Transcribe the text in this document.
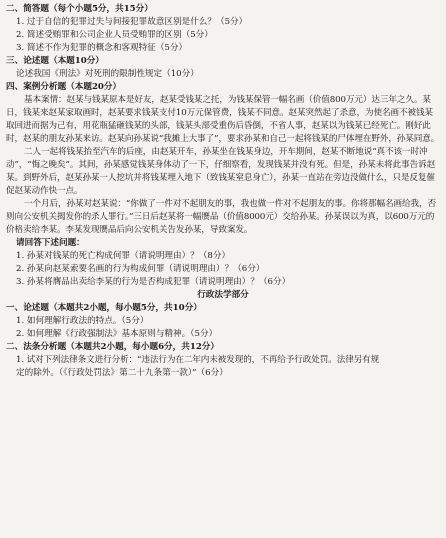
二、简答题（每个小题5分，共15分）
1. 过于自信的犯罪过失与间接犯罪故意区别是什么？（5分）
2. 简述受贿罪和公司企业人员受贿罪的区别（5分）
3. 简述不作为犯罪的概念和客观特征（5分）
三、论述题（本题10分）
论述我国《刑法》对死刑的限制性规定（10分）
四、案例分析题（本题20分）
基本案情：赵某与钱某原本是好友，赵某受钱某之托，为钱某保管一幅名画（价值800万元）达三年之久。某日，钱某来赵某家取画时，赵某要求钱某支付10万元保管费，钱某不同意。赵某突然起了杀意，为使名画不被钱某取回进而据为己有，用花瓶猛砸钱某的头部，钱某头部受重伤后昏倒，不省人事，赵某以为钱某已经死亡。刚好此时，赵某的朋友孙某来访。赵某向孙某说“我摊上大事了”，要求孙某和自己一起将钱某的尸体埋在野外，孙某同意。
二人一起将钱某抬至汽车的后座，由赵某开车，孙某坐在钱某身边，开车期间，赵某不断地说“真不该一时冲动”，“悔之晚矣”。其间，孙某感觉钱某身体动了一下，仔细察看，发现钱某并没有死。但是，孙某未将此事告诉赵某。到野外后，赵某孙某一人挖坑并将钱某埋入地下（致钱某窒息身亡），孙某一直站在旁边没做什么，只是反复催促赵某动作快一点。
一个月后，孙某对赵某说：“你做了一件对不起朋友的事，我也做一件对不起朋友的事。你将那幅名画给我，否则向公安机关揭发你的杀人罪行。”三日后赵某将一幅赝品（价值8000元）交给孙某。孙某误以为真，以600万元的价格卖给李某。李某发现赝品后向公安机关告发孙某，导致案发。
请回答下述问题：
1. 孙某对钱某的死亡构成何罪（请说明理由）？（8分）
2. 孙某向赵某索要名画的行为构成何罪（请说明理由）？（6分）
3. 孙某将膺品出卖给李某的行为是否构成犯罪（请说明理由）？（6分）
行政法学部分
一、论述题（本题共2小题，每小题5分，共10分）
1. 如何理解行政法的特点。（5分）
2. 如何理解《行政强制法》基本原则与精神。（5分）
二、法条分析题（本题共2小题，每小题6分，共12分）
1. 试对下列法律条文进行分析：“违法行为在二年内未被发现的，不再给予行政处罚。法律另有规
定的除外。（《行政处罚法》第二十九条第一款）”（6分）
